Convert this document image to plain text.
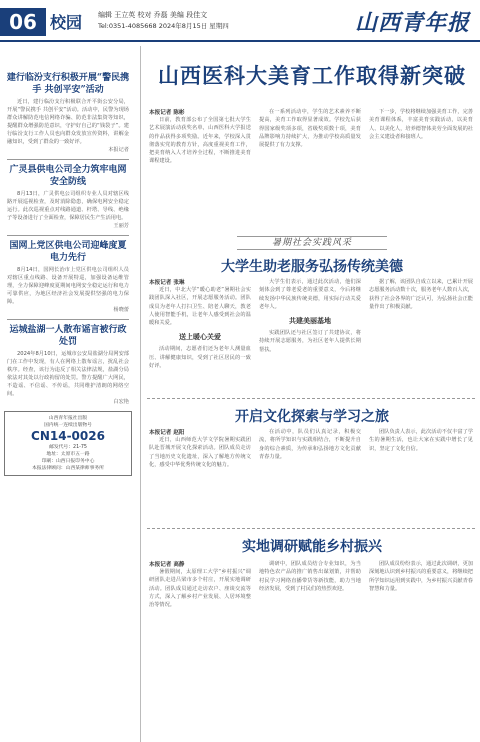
06 校园 编辑 王立英 校对 乔磊 美编 段佳文
Tel:0351-4085668 2024年8月15日 星期四	山西青年报
建行临汾支行积极开展“警民携手 共创平安”活动
近日，建行临汾支行积极联合开平街公安分局，开展“警民携手 共创平安”活动。活动中，民警为现场群众讲解防范电信网络诈骗、防范非法集资等知识，提醒群众增强防范意识，守护好自己的“钱袋子”。建行临汾支行工作人员也向群众发放宣传资料，讲解金融知识，受到了群众的一致好评。
本报记者
广灵县供电公司全力筑牢电网安全防线
8月13日，广灵供电公司组织专业人员对辖区线路开展巡视检查，及时消除隐患，确保电网安全稳定运行。此次巡视重点对线路通道、杆塔、导线、绝缘子等设备进行了全面检查，保障居民生产生活用电。
王丽芳
国网上党区供电公司迎峰度夏 电力先行
8月14日，国网长治市上党区供电公司组织人员对辖区重点线路、设备开展特巡，加强设备运维管理，全力保障迎峰度夏期间电网安全稳定运行和电力可靠供应，为地区经济社会发展提供坚强的电力保障。
杨晓蕾
运城盐湖一人散布谣言被行政处罚
2024年8月10日，运城市公安局盐湖分局网安部门在工作中发现，有人在网络上散布谣言，扰乱社会秩序。经查，该行为违反了相关法律法规，盐湖分局依法对其处以行政拘留的处罚。警方提醒广大网民，不造谣、不信谣、不传谣，共同维护清朗的网络空间。
白宏艳
山西青年报社出版
国内统一连续出版物号
CN14-0026
邮发代号：21-75
地址：太原市五一路
印刷：山西日报印务中心
本报法律顾问：山西某律师事务所
山西医科大美育工作取得新突破
本报记者 陈彬
日前，教育部公布了全国第七批大学生艺术展演活动获奖名单，山西医科大学报送的作品获得多项奖励。近年来，学校深入贯彻落实党的教育方针，高度重视美育工作，把美育纳入人才培养全过程，不断推进美育课程建设。
在一系列活动中，学生的艺术素养不断提高，美育工作取得显著成效。学校先后获得国家级奖项多项，省级奖项数十项，美育品牌影响力持续扩大，为推动学校高质量发展提供了有力支撑。
下一步，学校将继续加强美育工作，完善美育课程体系，丰富美育实践活动，以美育人、以美化人，培养德智体美劳全面发展的社会主义建设者和接班人。
暑期社会实践风采
大学生助老服务弘扬传统美德
本报记者 张琳
近日，中北大学“暖心助老”暑期社会实践团队深入社区，开展志愿服务活动。团队成员为老年人打扫卫生、陪老人聊天，教老人使用智能手机，让老年人感受到社会的温暖和关爱。
送上暖心关爱
活动期间，志愿者们还为老年人测量血压、讲解健康知识，受到了社区居民的一致好评。
大学生们表示，通过此次活动，他们深刻体会到了尊老爱老的重要意义，今后将继续发扬中华民族传统美德，用实际行动关爱老年人。
共建美丽基地
实践团队还与社区签订了共建协议，将持续开展志愿服务，为社区老年人提供长期帮扶。
据了解，该团队自成立以来，已累计开展志愿服务活动数十次，服务老年人数百人次，获得了社会各界的广泛认可，为弘扬社会正能量作出了积极贡献。
开启文化探索与学习之旅
本报记者 赵阳
近日，山西师范大学文学院暑期实践团队赴晋城开展文化探索活动。团队成员走访了当地历史文化遗址，深入了解地方传统文化，感受中华优秀传统文化的魅力。
在活动中，队员们认真记录，积极交流，将所学知识与实践相结合，不断提升自身的综合素质，为传承和弘扬地方文化贡献青春力量。
团队负责人表示，此次活动不仅丰富了学生的暑期生活，也让大家在实践中增长了见识，坚定了文化自信。
实地调研赋能乡村振兴
本报记者 高静
暑假期间，太原理工大学“乡村振兴”调研团队走进吕梁市多个村庄，开展实地调研活动。团队成员通过走访农户、座谈交流等方式，深入了解乡村产业发展、人居环境整治等情况。
调研中，团队成员结合专业知识，为当地特色农产品的推广销售出谋划策，并帮助村民学习网络直播带货等新技能，助力当地经济发展，受到了村民们的热烈欢迎。
团队成员纷纷表示，通过此次调研，更加深刻地认识到乡村振兴的重要意义，将继续把所学知识运用到实践中，为乡村振兴贡献青春智慧和力量。
